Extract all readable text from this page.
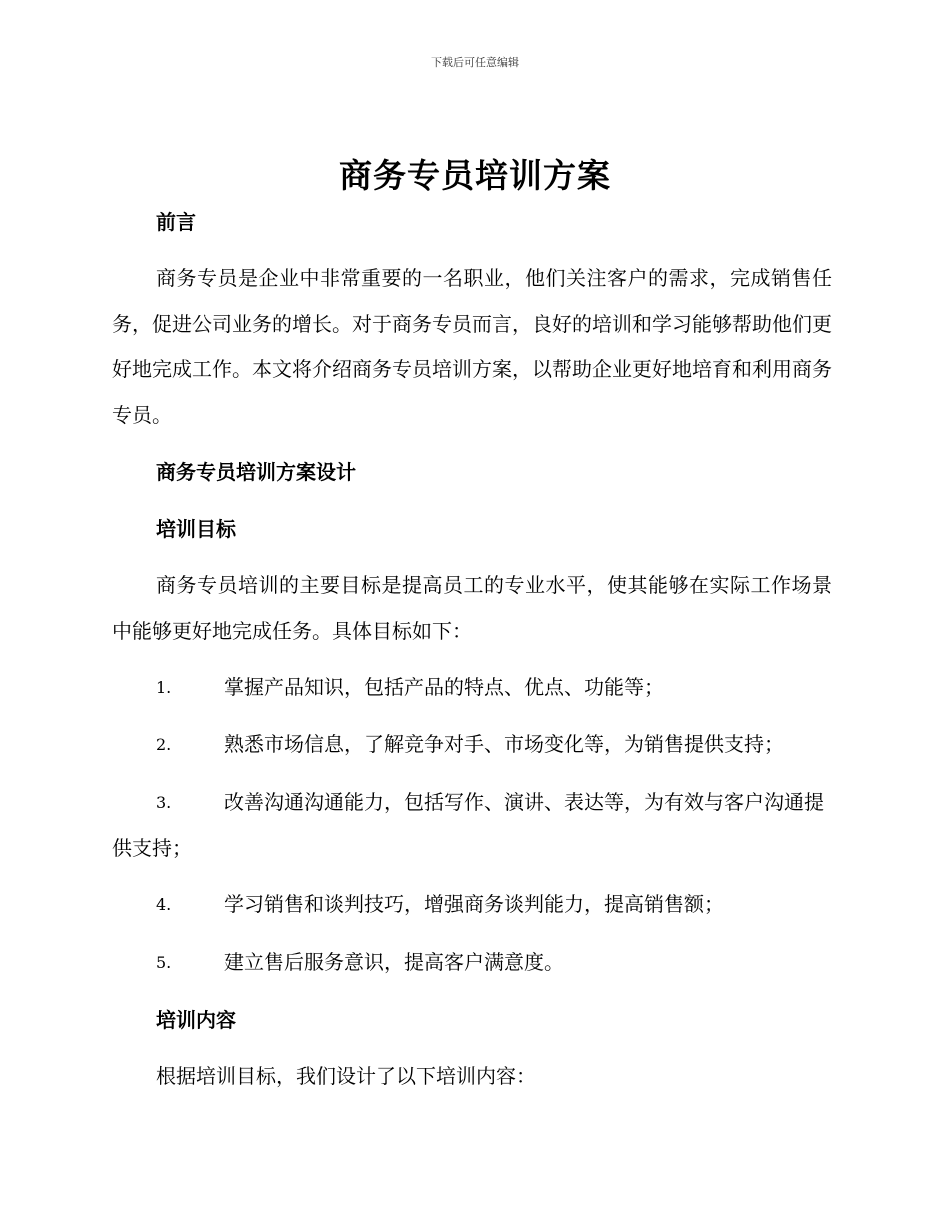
下载后可任意编辑
商务专员培训方案
前言
商务专员是企业中非常重要的一名职业，他们关注客户的需求，完成销售任务，促进公司业务的增长。对于商务专员而言，良好的培训和学习能够帮助他们更好地完成工作。本文将介绍商务专员培训方案，以帮助企业更好地培育和利用商务专员。
商务专员培训方案设计
培训目标
商务专员培训的主要目标是提高员工的专业水平，使其能够在实际工作场景中能够更好地完成任务。具体目标如下：
1.	掌握产品知识，包括产品的特点、优点、功能等；
2.	熟悉市场信息，了解竞争对手、市场变化等，为销售提供支持；
3.	改善沟通沟通能力，包括写作、演讲、表达等，为有效与客户沟通提供支持；
4.	学习销售和谈判技巧，增强商务谈判能力，提高销售额；
5.	建立售后服务意识，提高客户满意度。
培训内容
根据培训目标，我们设计了以下培训内容：
